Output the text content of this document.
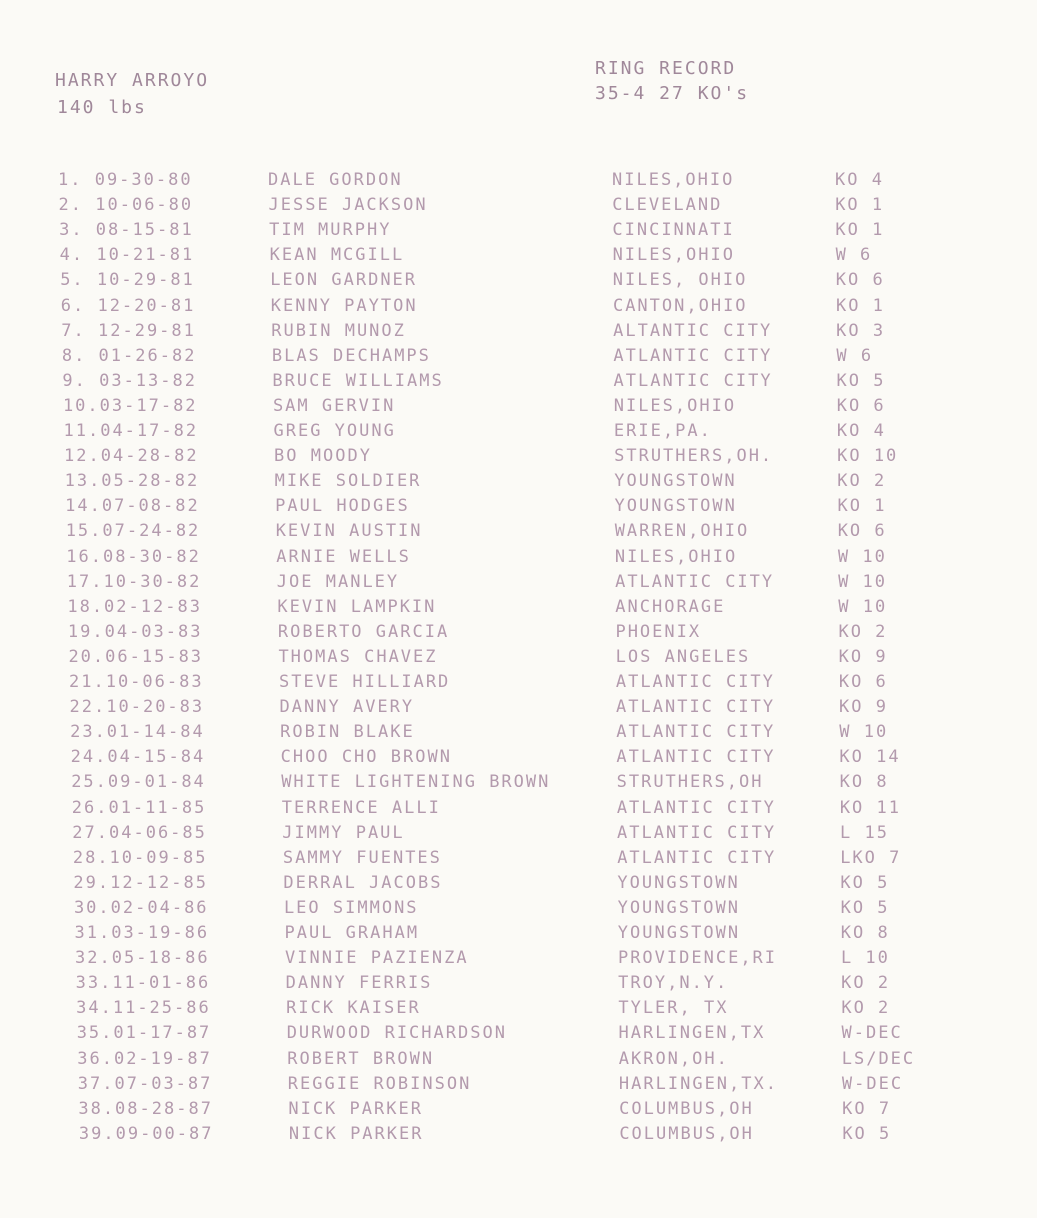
HARRY ARROYO
140 lbs
RING RECORD
35-4 27 KO's
1. 09-30-80	DALE GORDON	NILES,OHIO	KO 4
2. 10-06-80	JESSE JACKSON	CLEVELAND	KO 1
3. 08-15-81	TIM MURPHY	CINCINNATI	KO 1
4. 10-21-81	KEAN MCGILL	NILES,OHIO	W 6
5. 10-29-81	LEON GARDNER	NILES, OHIO	KO 6
6. 12-20-81	KENNY PAYTON	CANTON,OHIO	KO 1
7. 12-29-81	RUBIN MUNOZ	ALTANTIC CITY	KO 3
8. 01-26-82	BLAS DECHAMPS	ATLANTIC CITY	W 6
9. 03-13-82	BRUCE WILLIAMS	ATLANTIC CITY	KO 5
10.03-17-82	SAM GERVIN	NILES,OHIO	KO 6
11.04-17-82	GREG YOUNG	ERIE,PA.	KO 4
12.04-28-82	BO MOODY	STRUTHERS,OH.	KO 10
13.05-28-82	MIKE SOLDIER	YOUNGSTOWN	KO 2
14.07-08-82	PAUL HODGES	YOUNGSTOWN	KO 1
15.07-24-82	KEVIN AUSTIN	WARREN,OHIO	KO 6
16.08-30-82	ARNIE WELLS	NILES,OHIO	W 10
17.10-30-82	JOE MANLEY	ATLANTIC CITY	W 10
18.02-12-83	KEVIN LAMPKIN	ANCHORAGE	W 10
19.04-03-83	ROBERTO GARCIA	PHOENIX	KO 2
20.06-15-83	THOMAS CHAVEZ	LOS ANGELES	KO 9
21.10-06-83	STEVE HILLIARD	ATLANTIC CITY	KO 6
22.10-20-83	DANNY AVERY	ATLANTIC CITY	KO 9
23.01-14-84	ROBIN BLAKE	ATLANTIC CITY	W 10
24.04-15-84	CHOO CHO BROWN	ATLANTIC CITY	KO 14
25.09-01-84	WHITE LIGHTENING BROWN	STRUTHERS,OH	KO 8
26.01-11-85	TERRENCE ALLI	ATLANTIC CITY	KO 11
27.04-06-85	JIMMY PAUL	ATLANTIC CITY	L 15
28.10-09-85	SAMMY FUENTES	ATLANTIC CITY	LKO 7
29.12-12-85	DERRAL JACOBS	YOUNGSTOWN	KO 5
30.02-04-86	LEO SIMMONS	YOUNGSTOWN	KO 5
31.03-19-86	PAUL GRAHAM	YOUNGSTOWN	KO 8
32.05-18-86	VINNIE PAZIENZA	PROVIDENCE,RI	L 10
33.11-01-86	DANNY FERRIS	TROY,N.Y.	KO 2
34.11-25-86	RICK KAISER	TYLER, TX	KO 2
35.01-17-87	DURWOOD RICHARDSON	HARLINGEN,TX	W-DEC
36.02-19-87	ROBERT BROWN	AKRON,OH.	LS/DEC
37.07-03-87	REGGIE ROBINSON	HARLINGEN,TX.	W-DEC
38.08-28-87	NICK PARKER	COLUMBUS,OH	KO 7
39.09-00-87	NICK PARKER	COLUMBUS,OH	KO 5
